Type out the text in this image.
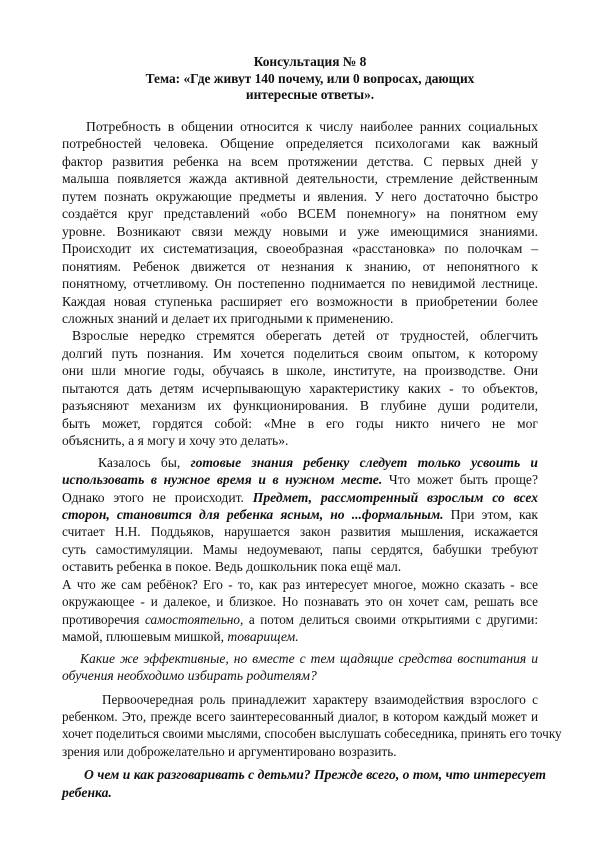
Консультация № 8
Тема: «Где живут 140 почему, или 0 вопросах, дающих
интересные ответы».
Потребность в общении относится к числу наиболее ранних социальных
потребностей человека. Общение определяется психологами как важный
фактор развития ребенка на всем протяжении детства. С первых дней у
малыша появляется жажда активной деятельности, стремление действенным
путем познать окружающие предметы и явления. У него достаточно быстро
создаётся круг представлений «обо ВСЕМ понемногу» на понятном ему
уровне. Возникают связи между новыми и уже имеющимися знаниями.
Происходит их систематизация, своеобразная «расстановка» по полочкам –
понятиям. Ребенок движется от незнания к знанию, от непонятного к
понятному, отчетливому. Он постепенно поднимается по невидимой лестнице.
Каждая новая ступенька расширяет его возможности в приобретении более
сложных знаний и делает их пригодными к применению.
Взрослые нередко стремятся оберегать детей от трудностей, облегчить
долгий путь познания. Им хочется поделиться своим опытом, к которому
они шли многие годы, обучаясь в школе, институте, на производстве. Они
пытаются дать детям исчерпывающую характеристику каких - то объектов,
разъясняют механизм их функционирования. В глубине души родители,
быть может, гордятся собой: «Мне в его годы никто ничего не мог
объяснить, а я могу и хочу это делать».
Казалось бы, готовые знания ребенку следует только усвоить и
использовать в нужное время и в нужном месте. Что может быть проще?
Однако этого не происходит. Предмет, рассмотренный взрослым со всех
сторон, становится для ребенка ясным, но ...формальным. При этом, как
считает Н.Н. Поддьяков, нарушается закон развития мышления, искажается
суть самостимуляции. Мамы недоумевают, папы сердятся, бабушки требуют
оставить ребенка в покое. Ведь дошкольник пока ещё мал.
А что же сам ребёнок? Его - то, как раз интересует многое, можно сказать - все
окружающее - и далекое, и близкое. Но познавать это он хочет сам, решать все
противоречия самостоятельно, а потом делиться своими открытиями с другими:
мамой, плюшевым мишкой, товарищем.
Какие же эффективные, но вместе с тем щадящие средства воспитания и
обучения необходимо избирать родителям?
Первоочередная роль принадлежит характеру взаимодействия взрослого с
ребенком. Это, прежде всего заинтересованный диалог, в котором каждый может и
хочет поделиться своими мыслями, способен выслушать собеседника, принять его точку
зрения или доброжелательно и аргументировано возразить.
О чем и как разговаривать с детьми? Прежде всего, о том, что интересует
ребенка.
